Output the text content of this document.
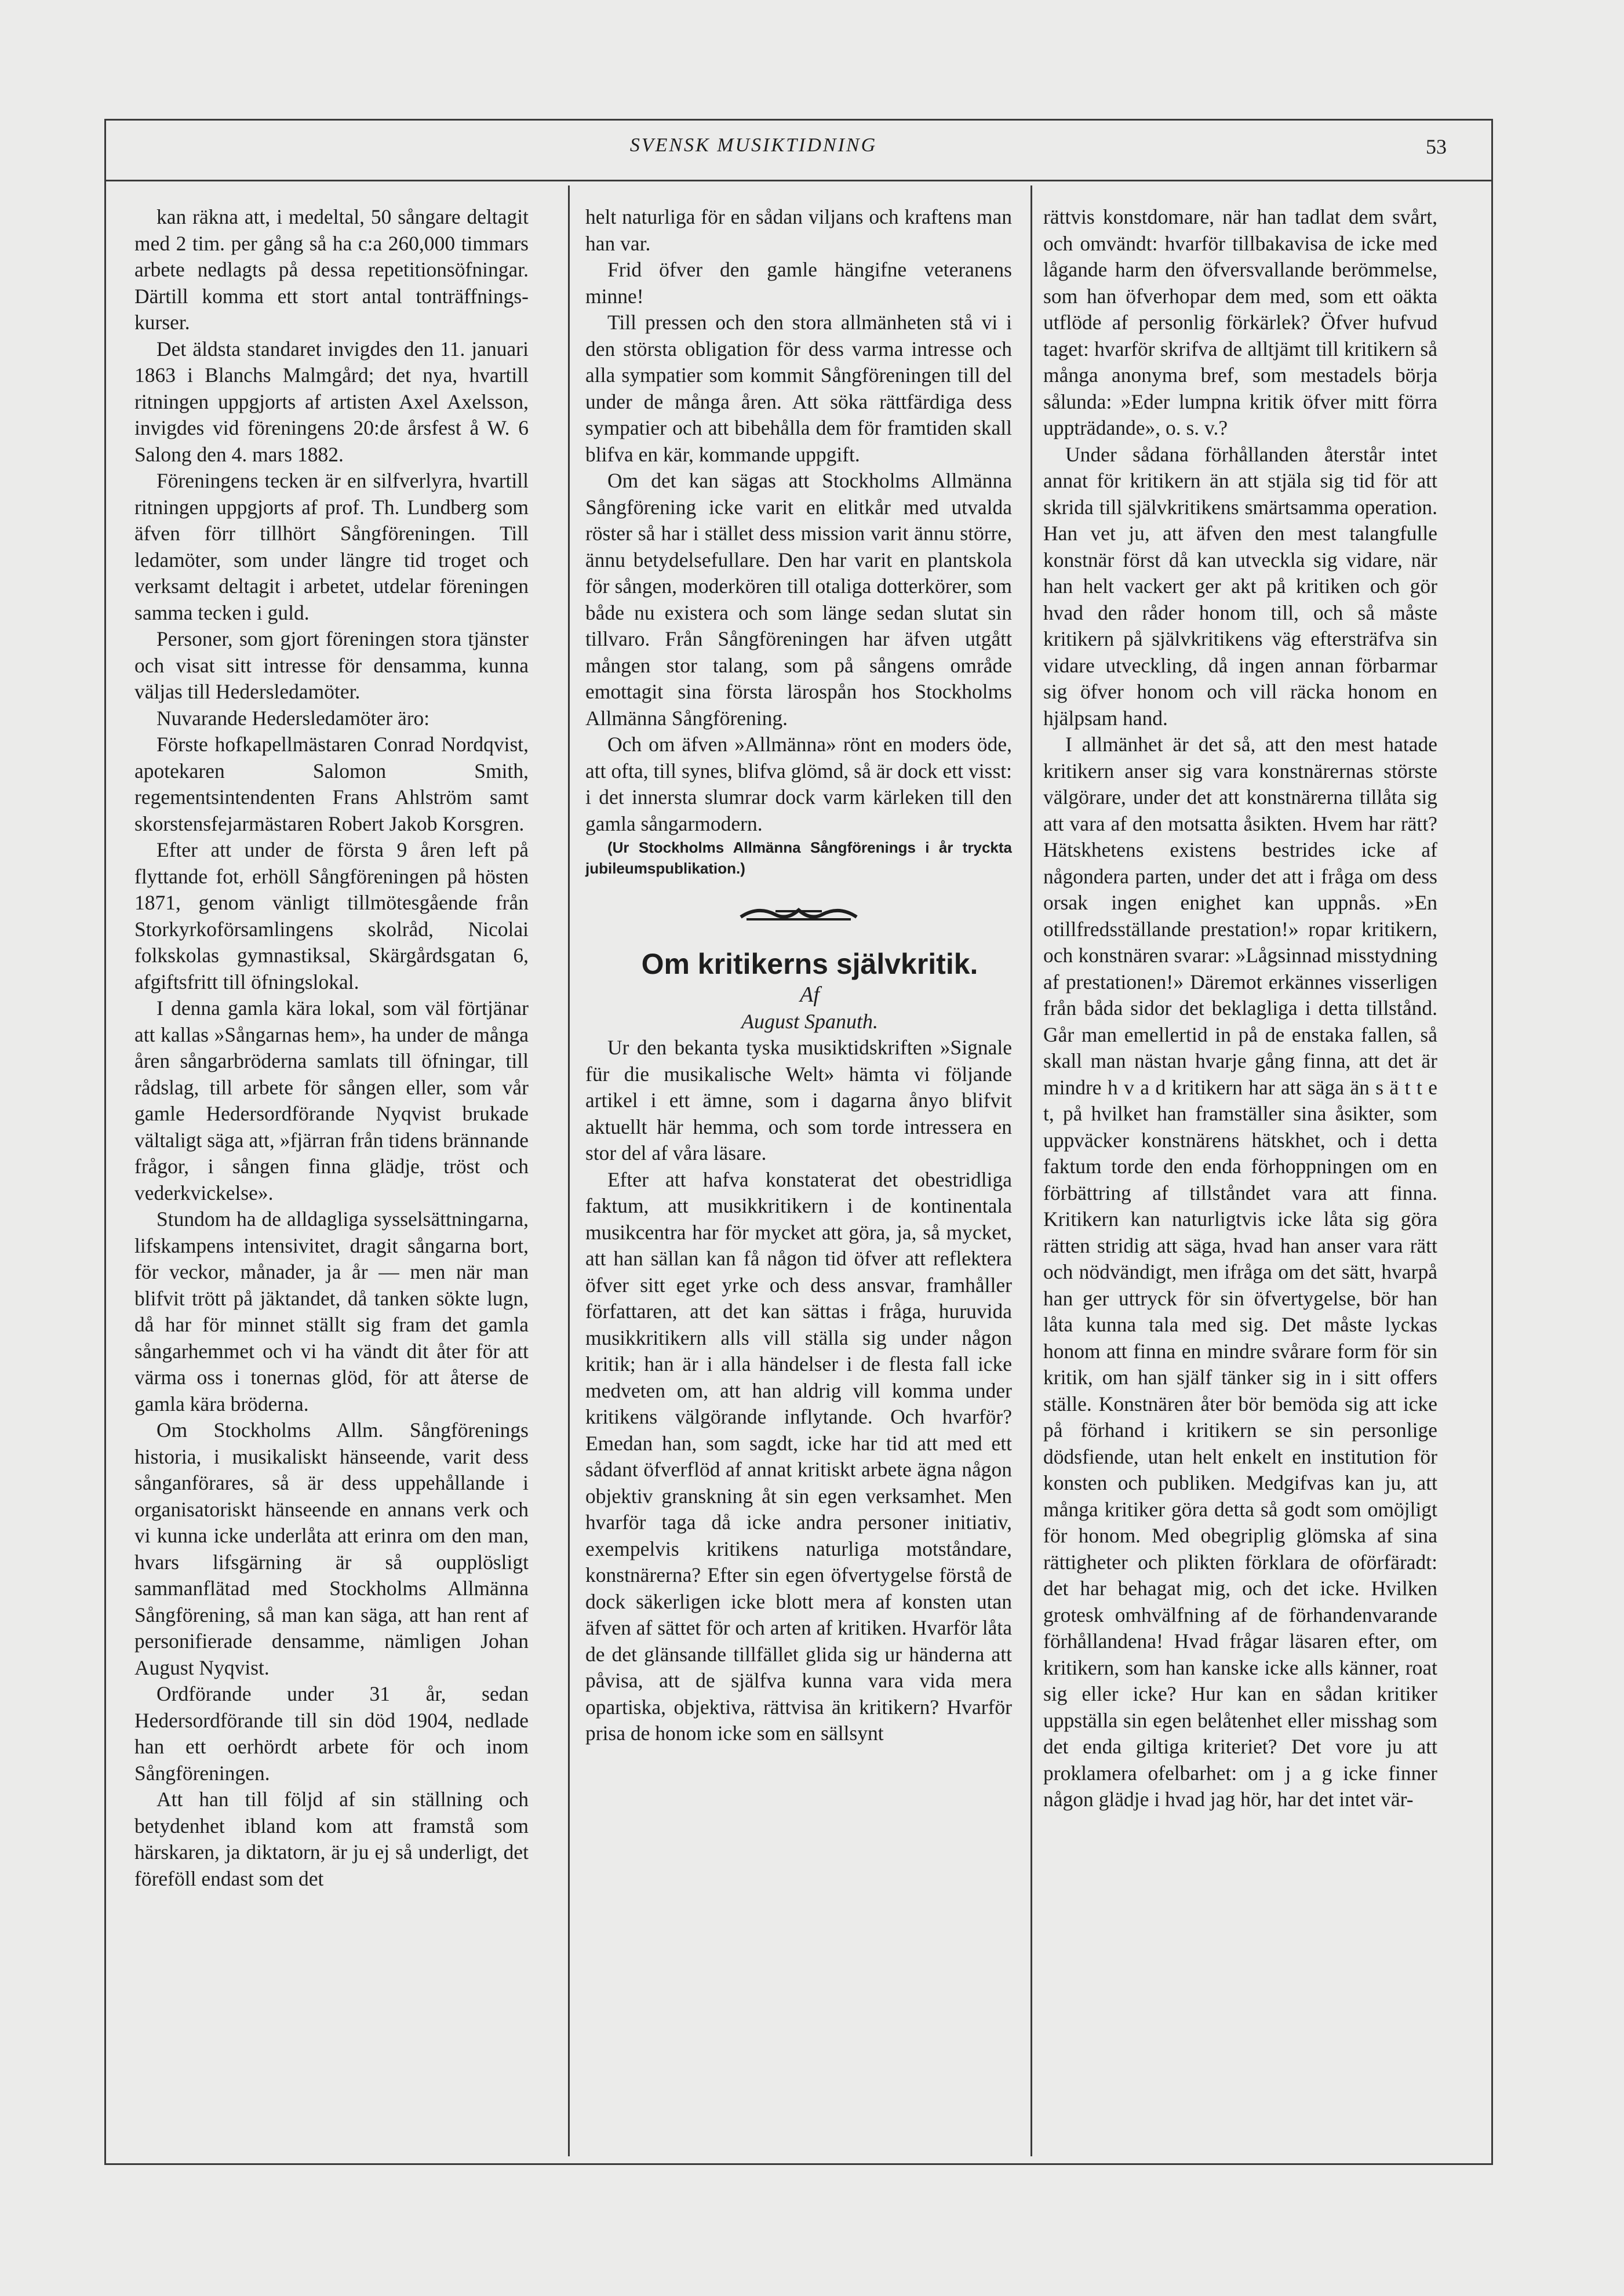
SVENSK MUSIKTIDNING	53

kan räkna att, i medeltal, 50 sångare deltagit med 2 tim. per gång så ha c:a 260,000 timmars arbete nedlagts på dessa repetitionsöfningar. Därtill komma ett stort antal tonträffnings-kurser.

Det äldsta standaret invigdes den 11. januari 1863 i Blanchs Malmgård; det nya, hvartill ritningen uppgjorts af artisten Axel Axelsson, invigdes vid föreningens 20:de årsfest å W. 6 Salong den 4. mars 1882.

Föreningens tecken är en silfverlyra, hvartill ritningen uppgjorts af prof. Th. Lundberg som äfven förr tillhört Sångföreningen. Till ledamöter, som under längre tid troget och verksamt deltagit i arbetet, utdelar föreningen samma tecken i guld.

Personer, som gjort föreningen stora tjänster och visat sitt intresse för densamma, kunna väljas till Hedersledamöter.

Nuvarande Hedersledamöter äro:

Förste hofkapellmästaren Conrad Nordqvist, apotekaren Salomon Smith, regementsintendenten Frans Ahlström samt skorstensfejarmästaren Robert Jakob Korsgren.

Efter att under de första 9 åren left på flyttande fot, erhöll Sångföreningen på hösten 1871, genom vänligt tillmötesgående från Storkyrkoförsamlingens skolråd, Nicolai folkskolas gymnastiksal, Skärgårdsgatan 6, afgiftsfritt till öfningslokal.

I denna gamla kära lokal, som väl förtjänar att kallas »Sångarnas hem», ha under de många åren sångarbröderna samlats till öfningar, till rådslag, till arbete för sången eller, som vår gamle Hedersordförande Nyqvist brukade vältaligt säga att, »fjärran från tidens brännande frågor, i sången finna glädje, tröst och vederkvickelse».

Stundom ha de alldagliga sysselsättningarna, lifskampens intensivitet, dragit sångarna bort, för veckor, månader, ja år — men när man blifvit trött på jäktandet, då tanken sökte lugn, då har för minnet ställt sig fram det gamla sångarhemmet och vi ha vändt dit åter för att värma oss i tonernas glöd, för att återse de gamla kära bröderna.

Om Stockholms Allm. Sångförenings historia, i musikaliskt hänseende, varit dess sånganförares, så är dess uppehållande i organisatoriskt hänseende en annans verk och vi kunna icke underlåta att erinra om den man, hvars lifsgärning är så oupplösligt sammanflätad med Stockholms Allmänna Sångförening, så man kan säga, att han rent af personifierade densamme, nämligen Johan August Nyqvist.

Ordförande under 31 år, sedan Hedersordförande till sin död 1904, nedlade han ett oerhördt arbete för och inom Sångföreningen.

Att han till följd af sin ställning och betydenhet ibland kom att framstå som härskaren, ja diktatorn, är ju ej så underligt, det föreföll endast som det

helt naturliga för en sådan viljans och kraftens man han var.

Frid öfver den gamle hängifne veteranens minne!

Till pressen och den stora allmänheten stå vi i den största obligation för dess varma intresse och alla sympatier som kommit Sångföreningen till del under de många åren. Att söka rättfärdiga dess sympatier och att bibehålla dem för framtiden skall blifva en kär, kommande uppgift.

Om det kan sägas att Stockholms Allmänna Sångförening icke varit en elitkår med utvalda röster så har i stället dess mission varit ännu större, ännu betydelsefullare. Den har varit en plantskola för sången, moderkören till otaliga dotterkörer, som både nu existera och som länge sedan slutat sin tillvaro. Från Sångföreningen har äfven utgått mången stor talang, som på sångens område emottagit sina första lärospån hos Stockholms Allmänna Sångförening.

Och om äfven »Allmänna» rönt en moders öde, att ofta, till synes, blifva glömd, så är dock ett visst: i det innersta slumrar dock varm kärleken till den gamla sångarmodern.

(Ur Stockholms Allmänna Sångförenings i år tryckta jubileumspublikation.)

Om kritikerns självkritik.

Af

August Spanuth.

Ur den bekanta tyska musiktidskriften »Signale für die musikalische Welt» hämta vi följande artikel i ett ämne, som i dagarna ånyo blifvit aktuellt här hemma, och som torde intressera en stor del af våra läsare.

Efter att hafva konstaterat det obestridliga faktum, att musikkritikern i de kontinentala musikcentra har för mycket att göra, ja, så mycket, att han sällan kan få någon tid öfver att reflektera öfver sitt eget yrke och dess ansvar, framhåller författaren, att det kan sättas i fråga, huruvida musikkritikern alls vill ställa sig under någon kritik; han är i alla händelser i de flesta fall icke medveten om, att han aldrig vill komma under kritikens välgörande inflytande. Och hvarför? Emedan han, som sagdt, icke har tid att med ett sådant öfverflöd af annat kritiskt arbete ägna någon objektiv granskning åt sin egen verksamhet. Men hvarför taga då icke andra personer initiativ, exempelvis kritikens naturliga motståndare, konstnärerna? Efter sin egen öfvertygelse förstå de dock säkerligen icke blott mera af konsten utan äfven af sättet för och arten af kritiken. Hvarför låta de det glänsande tillfället glida sig ur händerna att påvisa, att de själfva kunna vara vida mera opartiska, objektiva, rättvisa än kritikern? Hvarför prisa de honom icke som en sällsynt

rättvis konstdomare, när han tadlat dem svårt, och omvändt: hvarför tillbakavisa de icke med lågande harm den öfversvallande berömmelse, som han öfverhopar dem med, som ett oäkta utflöde af personlig förkärlek? Öfver hufvud taget: hvarför skrifva de alltjämt till kritikern så många anonyma bref, som mestadels börja sålunda: »Eder lumpna kritik öfver mitt förra uppträdande», o. s. v.?

Under sådana förhållanden återstår intet annat för kritikern än att stjäla sig tid för att skrida till självkritikens smärtsamma operation. Han vet ju, att äfven den mest talangfulle konstnär först då kan utveckla sig vidare, när han helt vackert ger akt på kritiken och gör hvad den råder honom till, och så måste kritikern på självkritikens väg eftersträfva sin vidare utveckling, då ingen annan förbarmar sig öfver honom och vill räcka honom en hjälpsam hand.

I allmänhet är det så, att den mest hatade kritikern anser sig vara konstnärernas störste välgörare, under det att konstnärerna tillåta sig att vara af den motsatta åsikten. Hvem har rätt? Hätskhetens existens bestrides icke af någondera parten, under det att i fråga om dess orsak ingen enighet kan uppnås. »En otillfredsställande prestation!» ropar kritikern, och konstnären svarar: »Lågsinnad misstydning af prestationen!» Däremot erkännes visserligen från båda sidor det beklagliga i detta tillstånd. Går man emellertid in på de enstaka fallen, så skall man nästan hvarje gång finna, att det är mindre h v a d kritikern har att säga än s ä t t e t, på hvilket han framställer sina åsikter, som uppväcker konstnärens hätskhet, och i detta faktum torde den enda förhoppningen om en förbättring af tillståndet vara att finna. Kritikern kan naturligtvis icke låta sig göra rätten stridig att säga, hvad han anser vara rätt och nödvändigt, men ifråga om det sätt, hvarpå han ger uttryck för sin öfvertygelse, bör han låta kunna tala med sig. Det måste lyckas honom att finna en mindre svårare form för sin kritik, om han själf tänker sig in i sitt offers ställe. Konstnären åter bör bemöda sig att icke på förhand i kritikern se sin personlige dödsfiende, utan helt enkelt en institution för konsten och publiken. Medgifvas kan ju, att många kritiker göra detta så godt som omöjligt för honom. Med obegriplig glömska af sina rättigheter och plikten förklara de oförfäradt: det har behagat mig, och det icke. Hvilken grotesk omhvälfning af de förhandenvarande förhållandena! Hvad frågar läsaren efter, om kritikern, som han kanske icke alls känner, roat sig eller icke? Hur kan en sådan kritiker uppställa sin egen belåtenhet eller misshag som det enda giltiga kriteriet? Det vore ju att proklamera ofelbarhet: om j a g icke finner någon glädje i hvad jag hör, har det intet vär-
